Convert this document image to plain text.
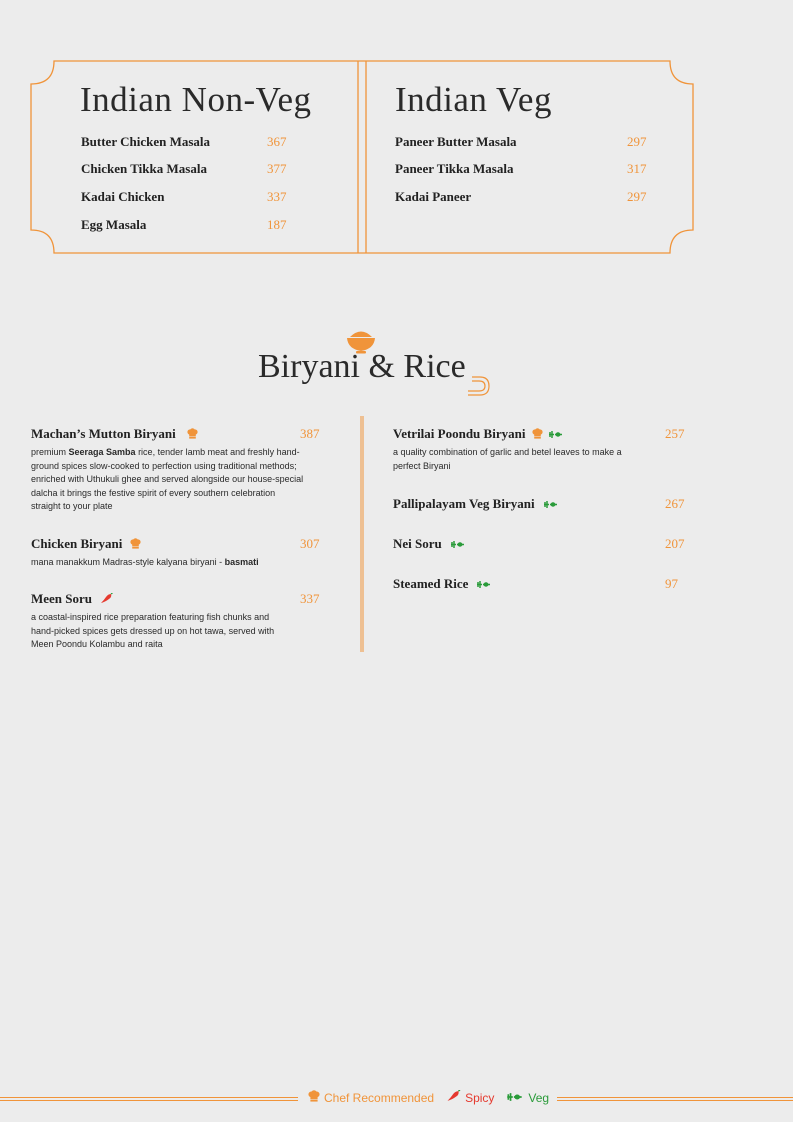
Indian Non-Veg Indian Veg
Butter Chicken Masala	367
Chicken Tikka Masala	377
Kadai Chicken	337
Egg Masala	187
Paneer Butter Masala	297
Paneer Tikka Masala	317
Kadai Paneer	297
Biryani & Rice
Machan’s Mutton Biryani	387
premium Seeraga Samba rice, tender lamb meat and freshly hand-ground spices slow-cooked to perfection using traditional methods; enriched with Uthukuli ghee and served alongside our house-special dalcha it brings the festive spirit of every southern celebration straight to your plate
Chicken Biryani	307
mana manakkum Madras-style kalyana biryani - basmati
Meen Soru	337
a coastal-inspired rice preparation featuring fish chunks and hand-picked spices gets dressed up on hot tawa, served with Meen Poondu Kolambu and raita
Vetrilai Poondu Biryani	257
a quality combination of garlic and betel leaves to make a perfect Biryani
Pallipalayam Veg Biryani	267
Nei Soru	207
Steamed Rice	97
Chef Recommended	Spicy	Veg
